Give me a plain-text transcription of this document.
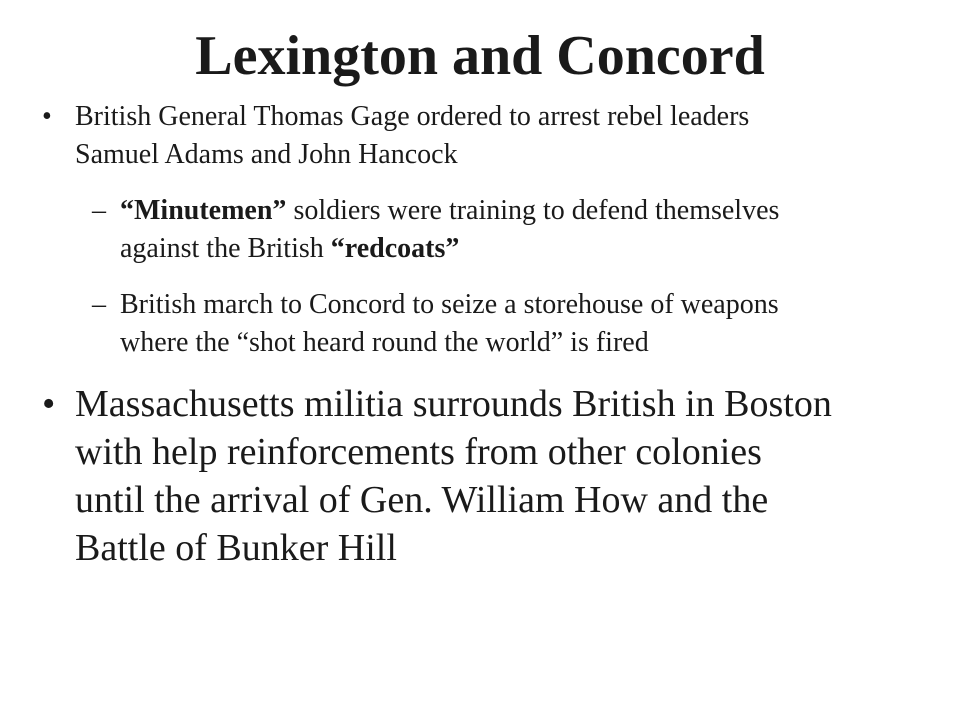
Lexington and Concord
• British General Thomas Gage ordered to arrest rebel leaders Samuel Adams and John Hancock
– “Minutemen” soldiers were training to defend themselves against the British “redcoats”
– British march to Concord to seize a storehouse of weapons where the “shot heard round the world” is fired
• Massachusetts militia surrounds British in Boston with help reinforcements from other colonies until the arrival of Gen. William How and the Battle of Bunker Hill
